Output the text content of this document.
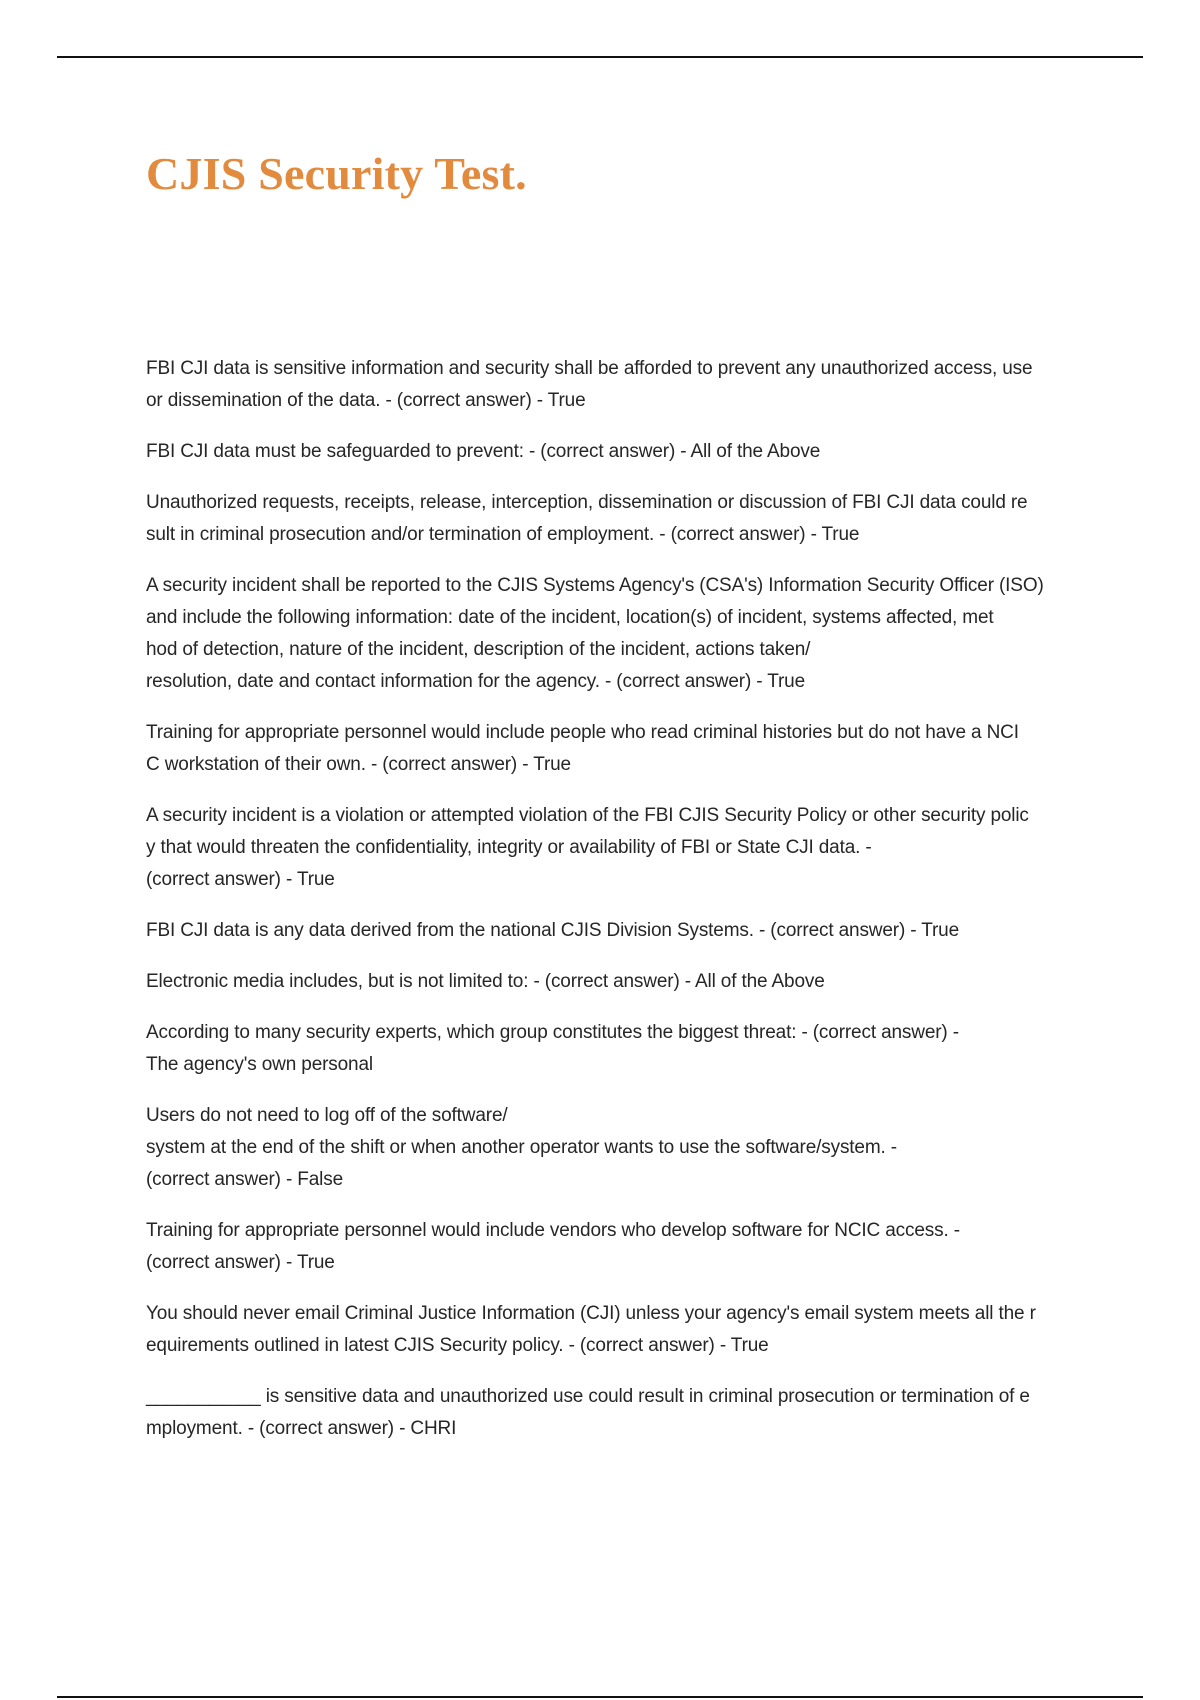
CJIS Security Test.

FBI CJI data is sensitive information and security shall be afforded to prevent any unauthorized access, use
or dissemination of the data. - (correct answer) - True

FBI CJI data must be safeguarded to prevent: - (correct answer) - All of the Above

Unauthorized requests, receipts, release, interception, dissemination or discussion of FBI CJI data could re
sult in criminal prosecution and/or termination of employment. - (correct answer) - True

A security incident shall be reported to the CJIS Systems Agency's (CSA's) Information Security Officer (ISO)
and include the following information: date of the incident, location(s) of incident, systems affected, met
hod of detection, nature of the incident, description of the incident, actions taken/
resolution, date and contact information for the agency. - (correct answer) - True

Training for appropriate personnel would include people who read criminal histories but do not have a NCI
C workstation of their own. - (correct answer) - True

A security incident is a violation or attempted violation of the FBI CJIS Security Policy or other security polic
y that would threaten the confidentiality, integrity or availability of FBI or State CJI data. -
(correct answer) - True

FBI CJI data is any data derived from the national CJIS Division Systems. - (correct answer) - True

Electronic media includes, but is not limited to: - (correct answer) - All of the Above

According to many security experts, which group constitutes the biggest threat: - (correct answer) -
The agency's own personal

Users do not need to log off of the software/
system at the end of the shift or when another operator wants to use the software/system. -
(correct answer) - False

Training for appropriate personnel would include vendors who develop software for NCIC access. -
(correct answer) - True

You should never email Criminal Justice Information (CJI) unless your agency's email system meets all the r
equirements outlined in latest CJIS Security policy. - (correct answer) - True

___________ is sensitive data and unauthorized use could result in criminal prosecution or termination of e
mployment. - (correct answer) - CHRI
